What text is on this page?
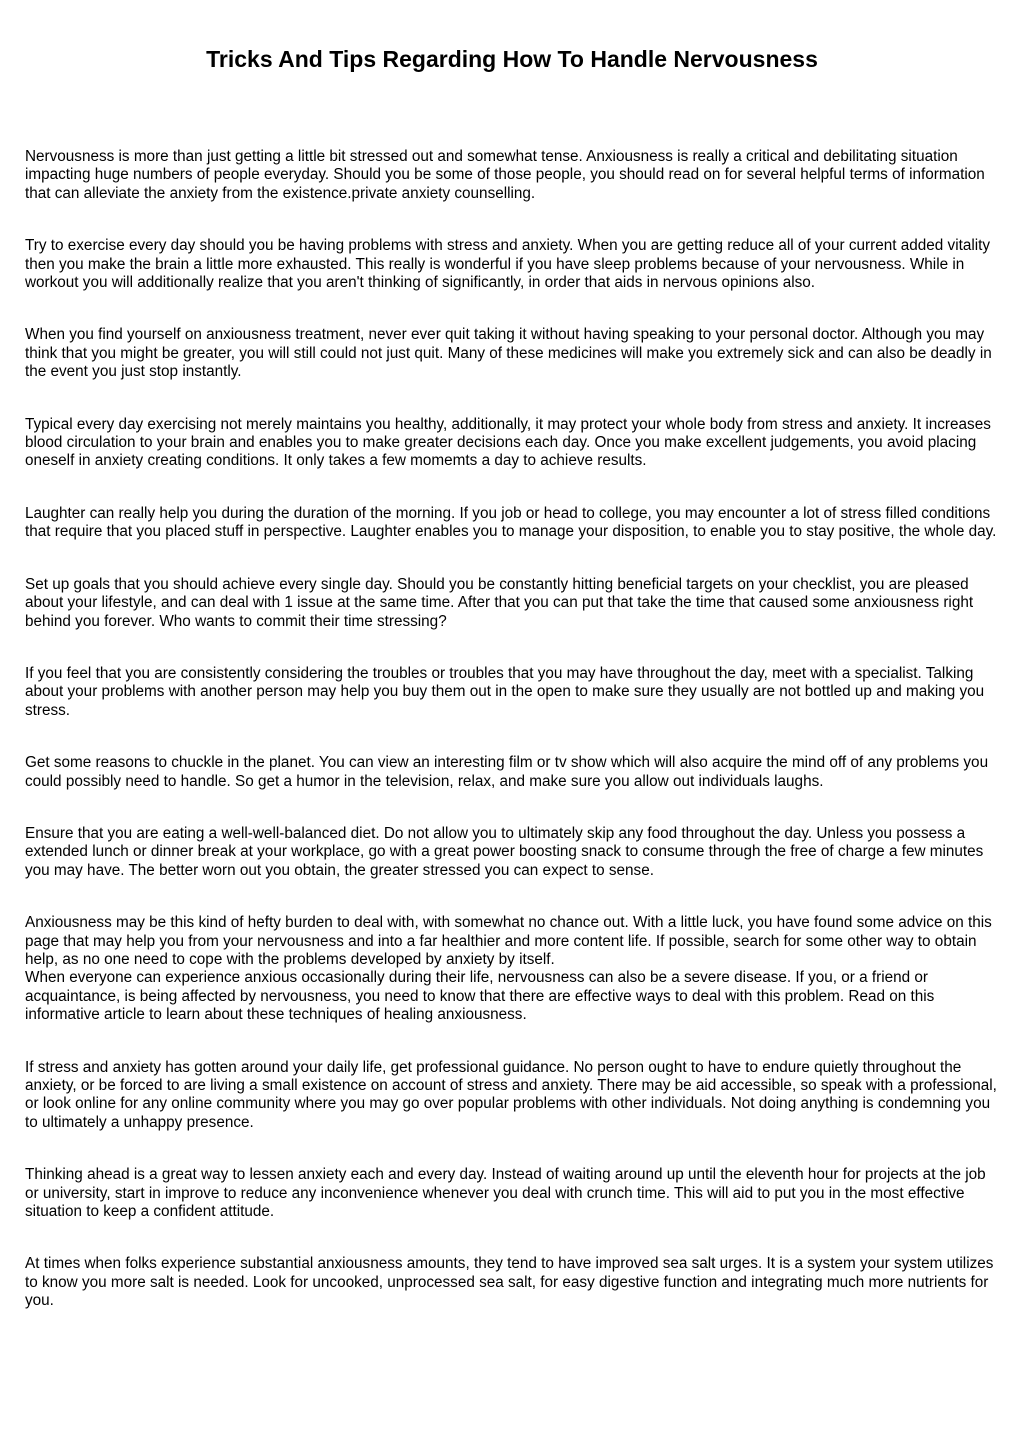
Tricks And Tips Regarding How To Handle Nervousness

Nervousness is more than just getting a little bit stressed out and somewhat tense. Anxiousness is really a critical and debilitating situation impacting huge numbers of people everyday. Should you be some of those people, you should read on for several helpful terms of information that can alleviate the anxiety from the existence.private anxiety counselling.

Try to exercise every day should you be having problems with stress and anxiety. When you are getting reduce all of your current added vitality then you make the brain a little more exhausted. This really is wonderful if you have sleep problems because of your nervousness. While in workout you will additionally realize that you aren't thinking of significantly, in order that aids in nervous opinions also.

When you find yourself on anxiousness treatment, never ever quit taking it without having speaking to your personal doctor. Although you may think that you might be greater, you will still could not just quit. Many of these medicines will make you extremely sick and can also be deadly in the event you just stop instantly.

Typical every day exercising not merely maintains you healthy, additionally, it may protect your whole body from stress and anxiety. It increases blood circulation to your brain and enables you to make greater decisions each day. Once you make excellent judgements, you avoid placing oneself in anxiety creating conditions. It only takes a few momemts a day to achieve results.

Laughter can really help you during the duration of the morning. If you job or head to college, you may encounter a lot of stress filled conditions that require that you placed stuff in perspective. Laughter enables you to manage your disposition, to enable you to stay positive, the whole day.

Set up goals that you should achieve every single day. Should you be constantly hitting beneficial targets on your checklist, you are pleased about your lifestyle, and can deal with 1 issue at the same time. After that you can put that take the time that caused some anxiousness right behind you forever. Who wants to commit their time stressing?

If you feel that you are consistently considering the troubles or troubles that you may have throughout the day, meet with a specialist. Talking about your problems with another person may help you buy them out in the open to make sure they usually are not bottled up and making you stress.

Get some reasons to chuckle in the planet. You can view an interesting film or tv show which will also acquire the mind off of any problems you could possibly need to handle. So get a humor in the television, relax, and make sure you allow out individuals laughs.

Ensure that you are eating a well-well-balanced diet. Do not allow you to ultimately skip any food throughout the day. Unless you possess a extended lunch or dinner break at your workplace, go with a great power boosting snack to consume through the free of charge a few minutes you may have. The better worn out you obtain, the greater stressed you can expect to sense.

Anxiousness may be this kind of hefty burden to deal with, with somewhat no chance out. With a little luck, you have found some advice on this page that may help you from your nervousness and into a far healthier and more content life. If possible, search for some other way to obtain help, as no one need to cope with the problems developed by anxiety by itself.

When everyone can experience anxious occasionally during their life, nervousness can also be a severe disease. If you, or a friend or acquaintance, is being affected by nervousness, you need to know that there are effective ways to deal with this problem. Read on this informative article to learn about these techniques of healing anxiousness.

If stress and anxiety has gotten around your daily life, get professional guidance. No person ought to have to endure quietly throughout the anxiety, or be forced to are living a small existence on account of stress and anxiety. There may be aid accessible, so speak with a professional, or look online for any online community where you may go over popular problems with other individuals. Not doing anything is condemning you to ultimately a unhappy presence.

Thinking ahead is a great way to lessen anxiety each and every day. Instead of waiting around up until the eleventh hour for projects at the job or university, start in improve to reduce any inconvenience whenever you deal with crunch time. This will aid to put you in the most effective situation to keep a confident attitude.

At times when folks experience substantial anxiousness amounts, they tend to have improved sea salt urges. It is a system your system utilizes to know you more salt is needed. Look for uncooked, unprocessed sea salt, for easy digestive function and integrating much more nutrients for you.
